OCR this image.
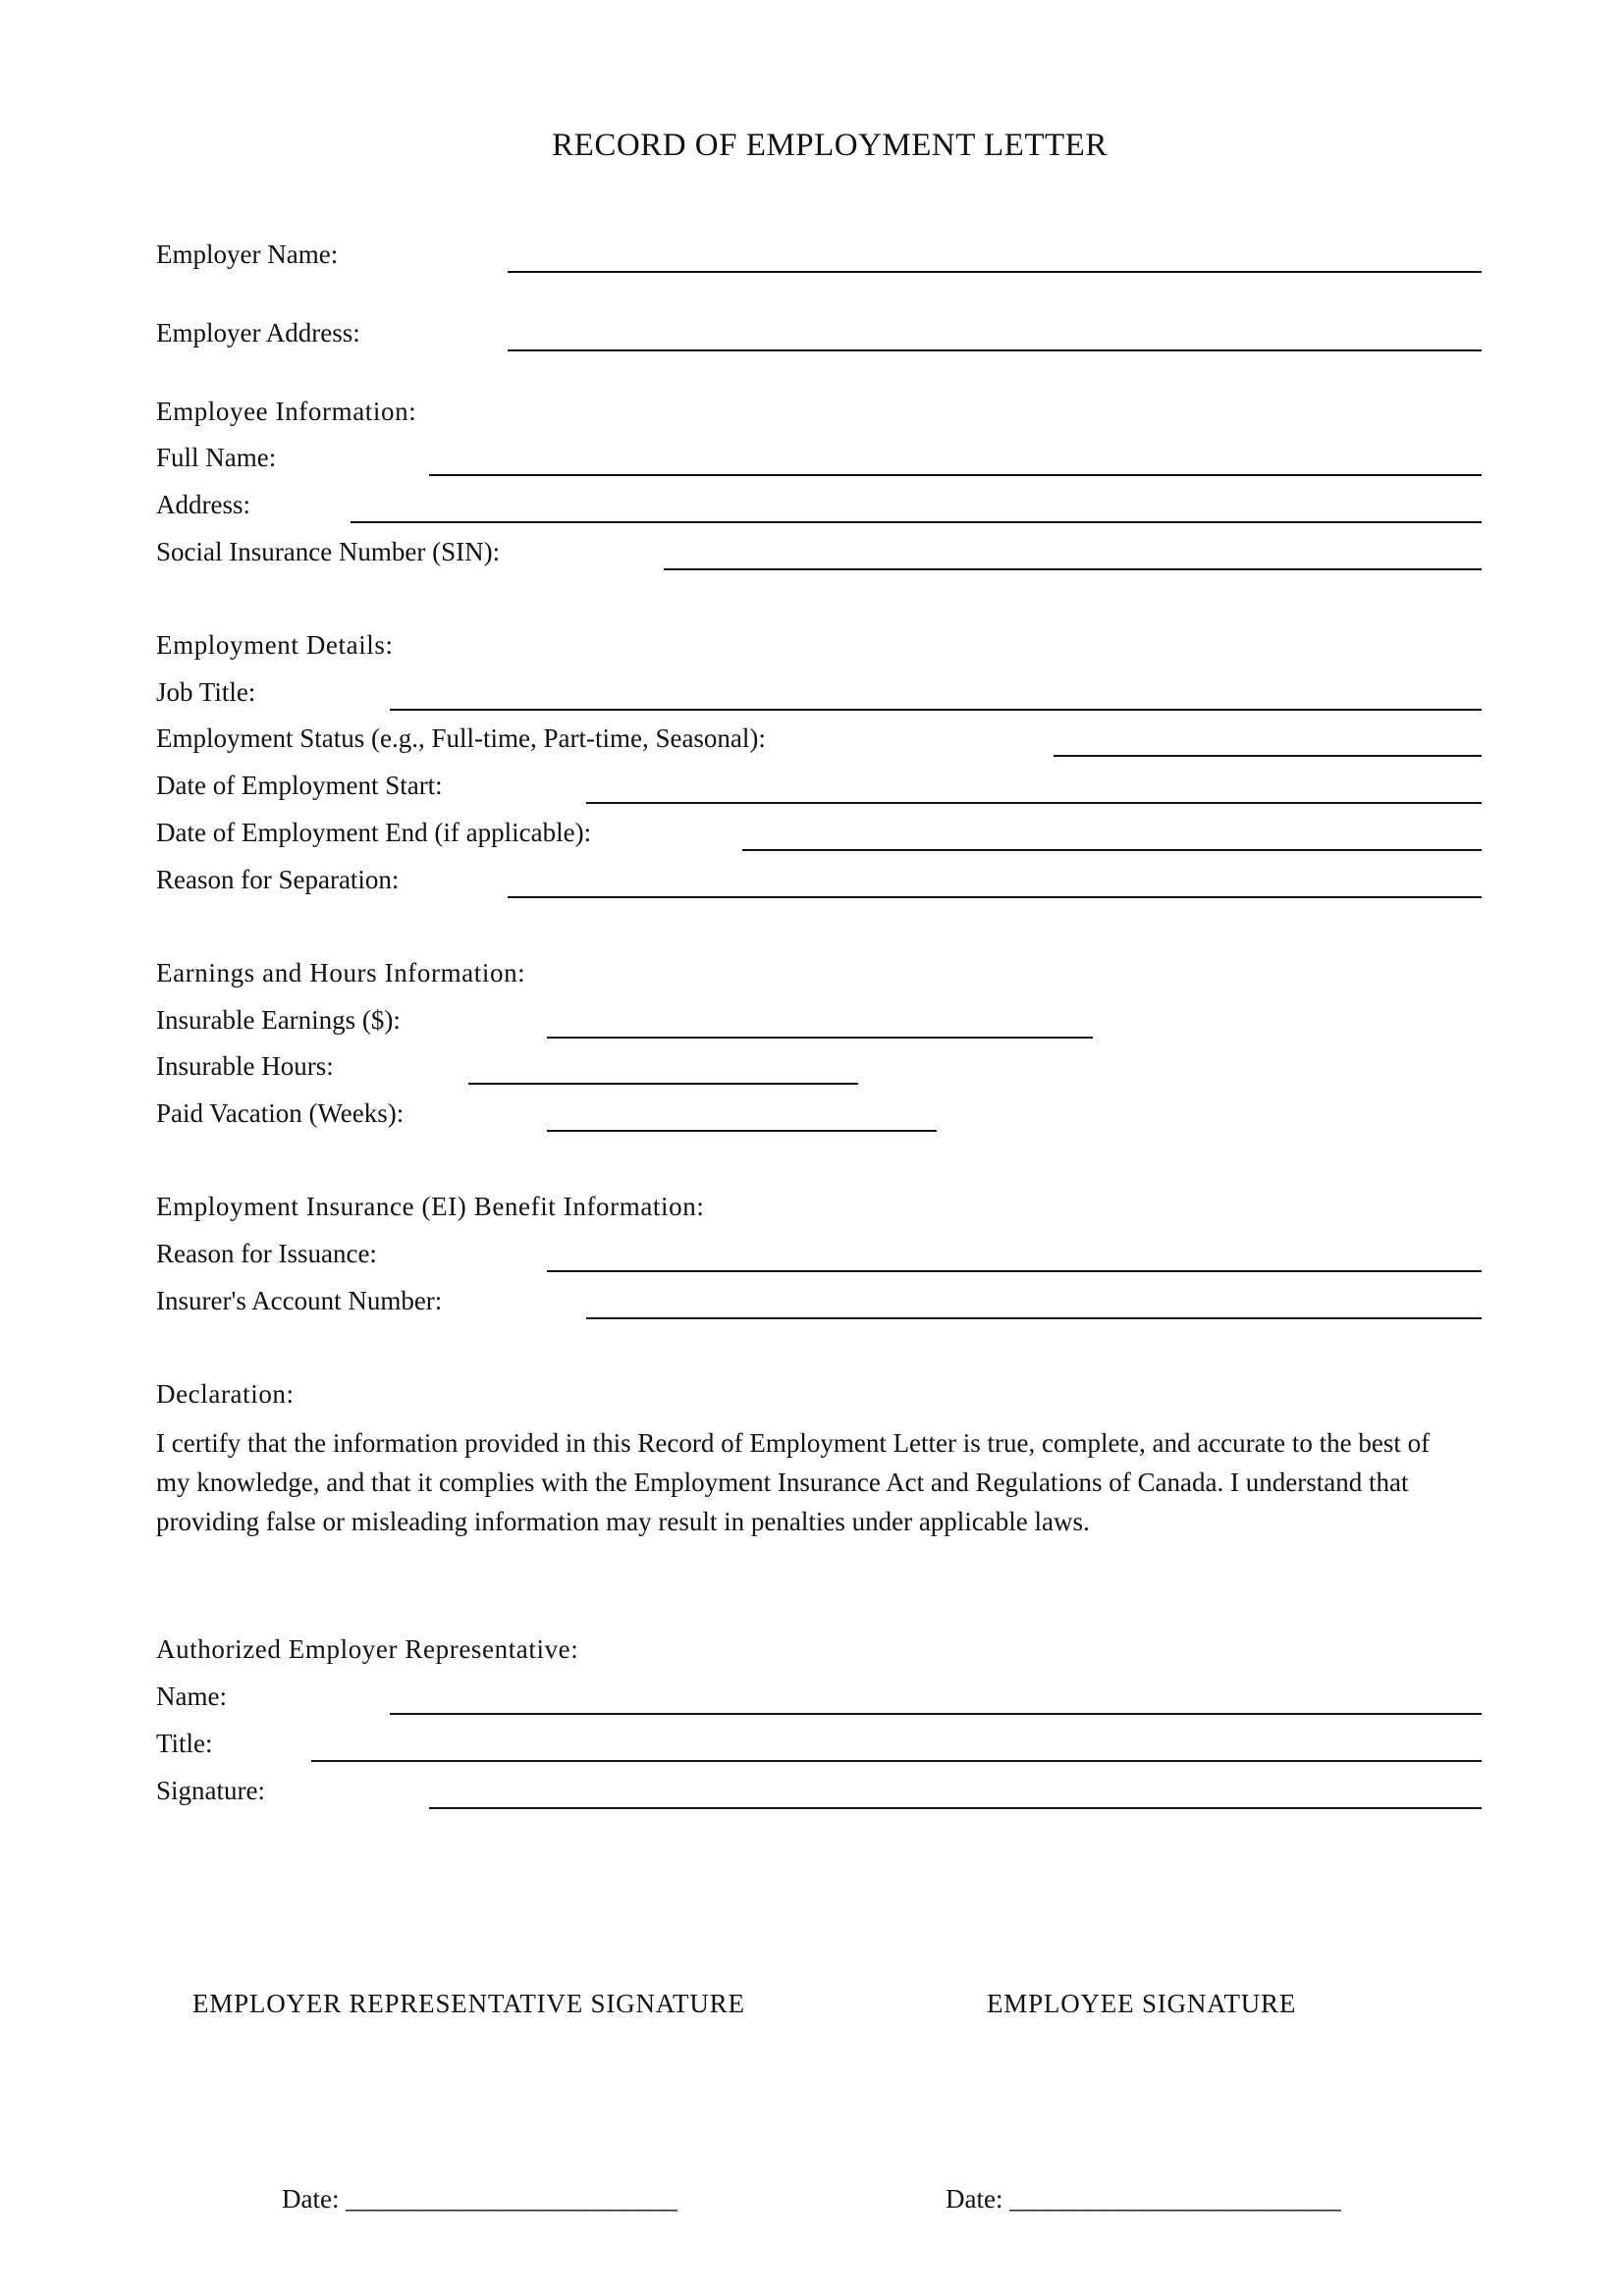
RECORD OF EMPLOYMENT LETTER
Employer Name:
Employer Address:
Employee Information:
Full Name:
Address:
Social Insurance Number (SIN):
Employment Details:
Job Title:
Employment Status (e.g., Full-time, Part-time, Seasonal):
Date of Employment Start:
Date of Employment End (if applicable):
Reason for Separation:
Earnings and Hours Information:
Insurable Earnings ($):
Insurable Hours:
Paid Vacation (Weeks):
Employment Insurance (EI) Benefit Information:
Reason for Issuance:
Insurer's Account Number:
Declaration:

I certify that the information provided in this Record of Employment Letter is true, complete, and accurate to the best of

my knowledge, and that it complies with the Employment Insurance Act and Regulations of Canada. I understand that

providing false or misleading information may result in penalties under applicable laws.

Authorized Employer Representative:
Name:
Title:
Signature:
EMPLOYER REPRESENTATIVE SIGNATURE	EMPLOYEE SIGNATURE
Date: _________________________	Date: _________________________
